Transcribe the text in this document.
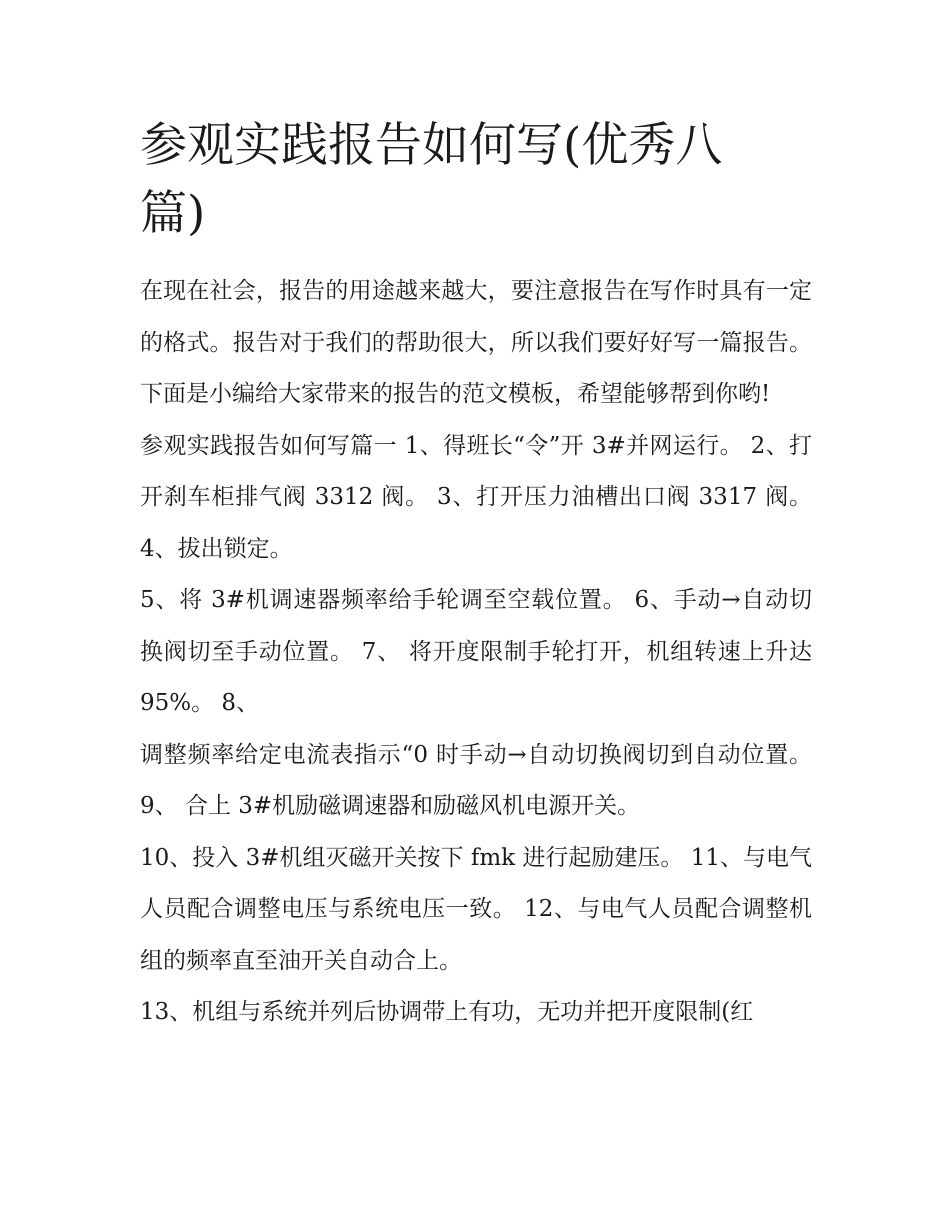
参观实践报告如何写(优秀八篇)

在现在社会，报告的用途越来越大，要注意报告在写作时具有一定的格式。报告对于我们的帮助很大，所以我们要好好写一篇报告。下面是小编给大家带来的报告的范文模板，希望能够帮到你哟!

参观实践报告如何写篇一 1、得班长“令”开 3#并网运行。 2、打开刹车柜排气阀 3312 阀。 3、打开压力油槽出口阀 3317 阀。 4、拔出锁定。

5、将 3#机调速器频率给手轮调至空载位置。 6、手动→自动切换阀切至手动位置。 7、 将开度限制手轮打开，机组转速上升达 95%。 8、

调整频率给定电流表指示“0 时手动→自动切换阀切到自动位置。 9、 合上 3#机励磁调速器和励磁风机电源开关。

10、投入 3#机组灭磁开关按下 fmk 进行起励建压。 11、与电气人员配合调整电压与系统电压一致。 12、与电气人员配合调整机组的频率直至油开关自动合上。

13、机组与系统并列后协调带上有功，无功并把开度限制(红
